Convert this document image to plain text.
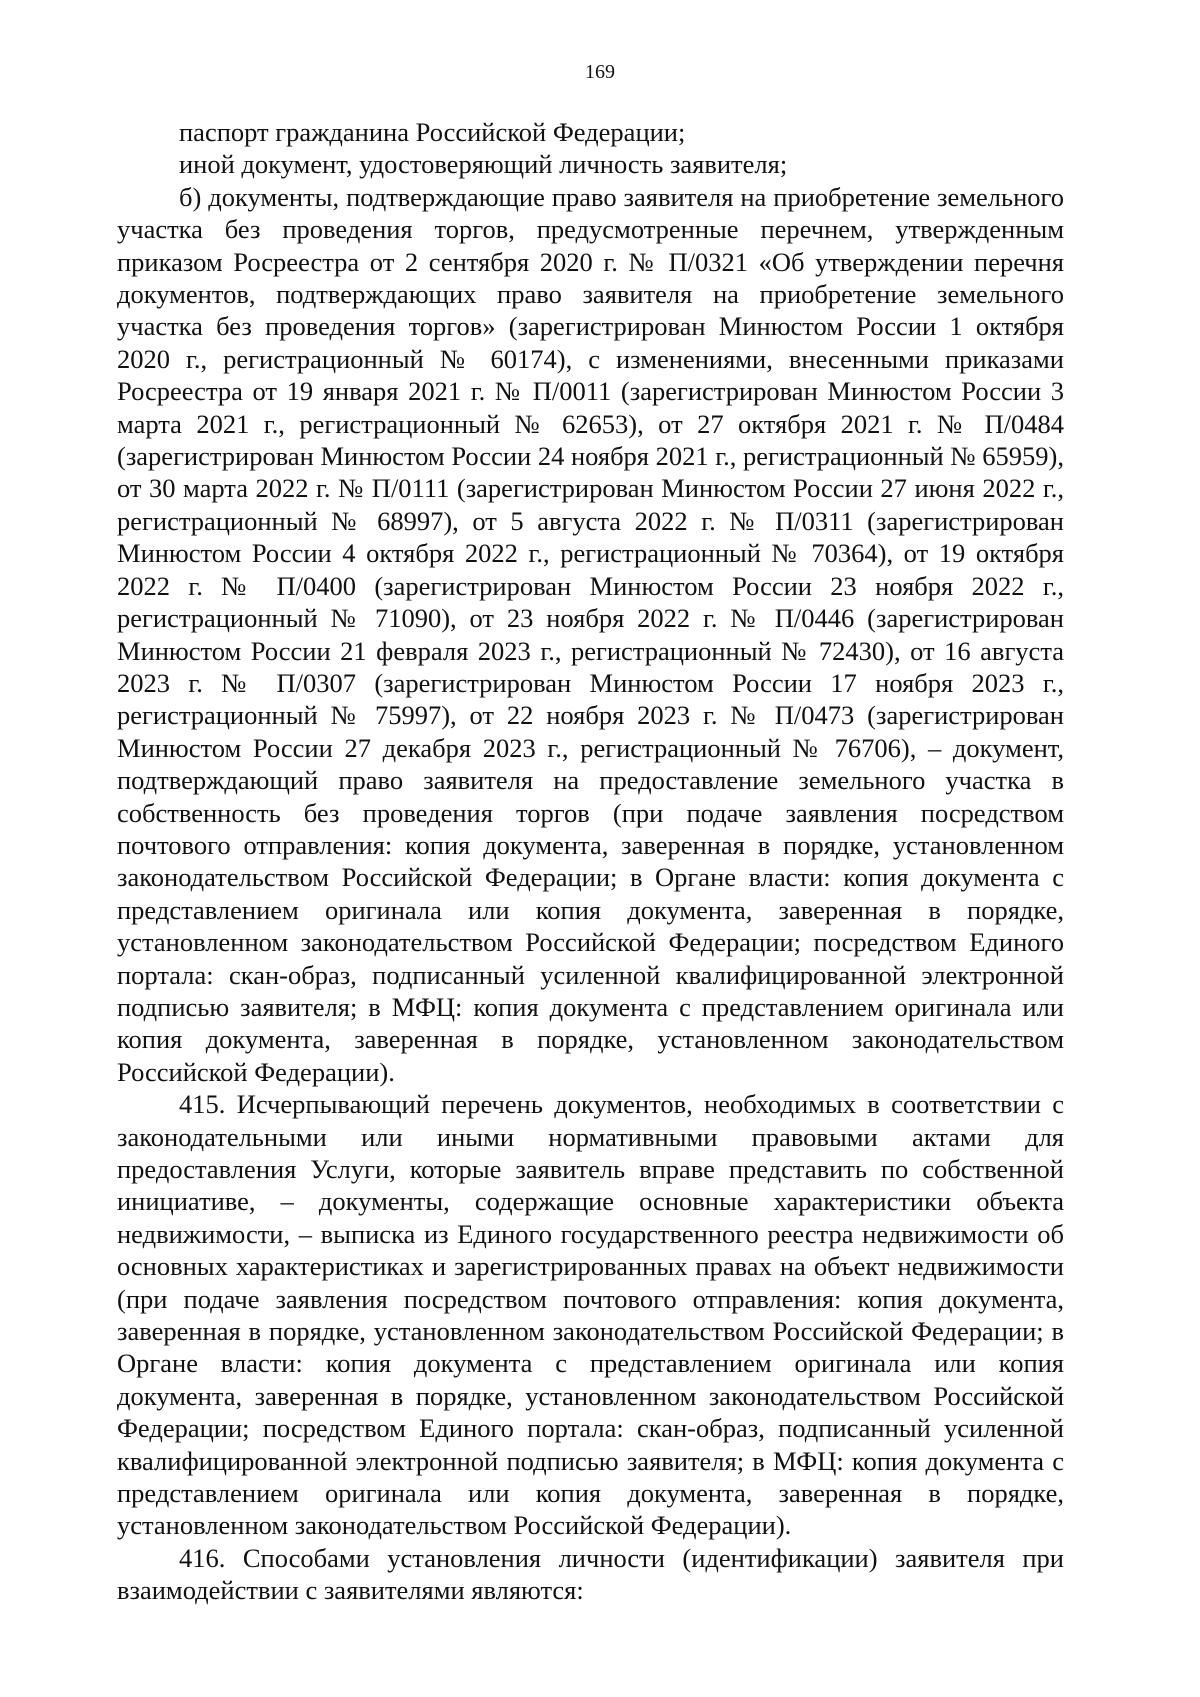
169

паспорт гражданина Российской Федерации;

иной документ, удостоверяющий личность заявителя;

б) документы, подтверждающие право заявителя на приобретение земельного участка без проведения торгов, предусмотренные перечнем, утвержденным приказом Росреестра от 2 сентября 2020 г. № П/0321 «Об утверждении перечня документов, подтверждающих право заявителя на приобретение земельного участка без проведения торгов» (зарегистрирован Минюстом России 1 октября 2020 г., регистрационный № 60174), с изменениями, внесенными приказами Росреестра от 19 января 2021 г. № П/0011 (зарегистрирован Минюстом России 3 марта 2021 г., регистрационный № 62653), от 27 октября 2021 г. № П/0484 (зарегистрирован Минюстом России 24 ноября 2021 г., регистрационный № 65959), от 30 марта 2022 г. № П/0111 (зарегистрирован Минюстом России 27 июня 2022 г., регистрационный № 68997), от 5 августа 2022 г. № П/0311 (зарегистрирован Минюстом России 4 октября 2022 г., регистрационный № 70364), от 19 октября 2022 г. № П/0400 (зарегистрирован Минюстом России 23 ноября 2022 г., регистрационный № 71090), от 23 ноября 2022 г. № П/0446 (зарегистрирован Минюстом России 21 февраля 2023 г., регистрационный № 72430), от 16 августа 2023 г. № П/0307 (зарегистрирован Минюстом России 17 ноября 2023 г., регистрационный № 75997), от 22 ноября 2023 г. № П/0473 (зарегистрирован Минюстом России 27 декабря 2023 г., регистрационный № 76706), – документ, подтверждающий право заявителя на предоставление земельного участка в собственность без проведения торгов (при подаче заявления посредством почтового отправления: копия документа, заверенная в порядке, установленном законодательством Российской Федерации; в Органе власти: копия документа с представлением оригинала или копия документа, заверенная в порядке, установленном законодательством Российской Федерации; посредством Единого портала: скан-образ, подписанный усиленной квалифицированной электронной подписью заявителя; в МФЦ: копия документа с представлением оригинала или копия документа, заверенная в порядке, установленном законодательством Российской Федерации).

415. Исчерпывающий перечень документов, необходимых в соответствии с законодательными или иными нормативными правовыми актами для предоставления Услуги, которые заявитель вправе представить по собственной инициативе, – документы, содержащие основные характеристики объекта недвижимости, – выписка из Единого государственного реестра недвижимости об основных характеристиках и зарегистрированных правах на объект недвижимости (при подаче заявления посредством почтового отправления: копия документа, заверенная в порядке, установленном законодательством Российской Федерации; в Органе власти: копия документа с представлением оригинала или копия документа, заверенная в порядке, установленном законодательством Российской Федерации; посредством Единого портала: скан-образ, подписанный усиленной квалифицированной электронной подписью заявителя; в МФЦ: копия документа с представлением оригинала или копия документа, заверенная в порядке, установленном законодательством Российской Федерации).

416. Способами установления личности (идентификации) заявителя при взаимодействии с заявителями являются:
